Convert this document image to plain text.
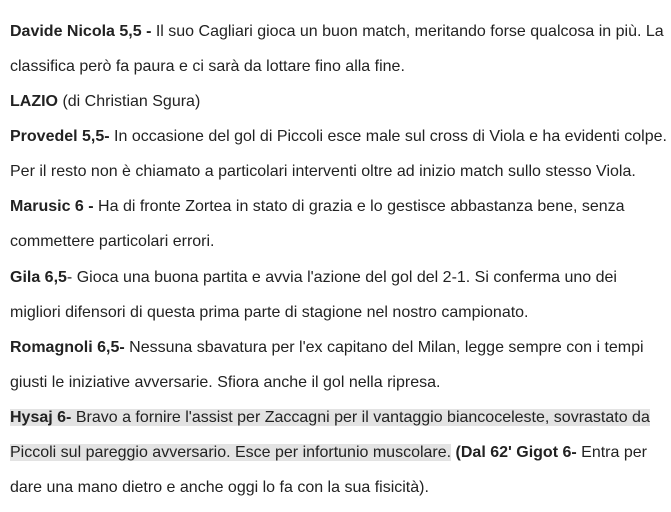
Davide Nicola 5,5 - Il suo Cagliari gioca un buon match, meritando forse qualcosa in più. La
classifica però fa paura e ci sarà da lottare fino alla fine.

LAZIO (di Christian Sgura)

Provedel 5,5- In occasione del gol di Piccoli esce male sul cross di Viola e ha evidenti colpe.
Per il resto non è chiamato a particolari interventi oltre ad inizio match sullo stesso Viola.

Marusic 6 - Ha di fronte Zortea in stato di grazia e lo gestisce abbastanza bene, senza
commettere particolari errori.

Gila 6,5- Gioca una buona partita e avvia l'azione del gol del 2-1. Si conferma uno dei
migliori difensori di questa prima parte di stagione nel nostro campionato.

Romagnoli 6,5- Nessuna sbavatura per l'ex capitano del Milan, legge sempre con i tempi
giusti le iniziative avversarie. Sfiora anche il gol nella ripresa.

Hysaj 6- Bravo a fornire l'assist per Zaccagni per il vantaggio biancoceleste, sovrastato da
Piccoli sul pareggio avversario. Esce per infortunio muscolare. (Dal 62' Gigot 6- Entra per
dare una mano dietro e anche oggi lo fa con la sua fisicità).
